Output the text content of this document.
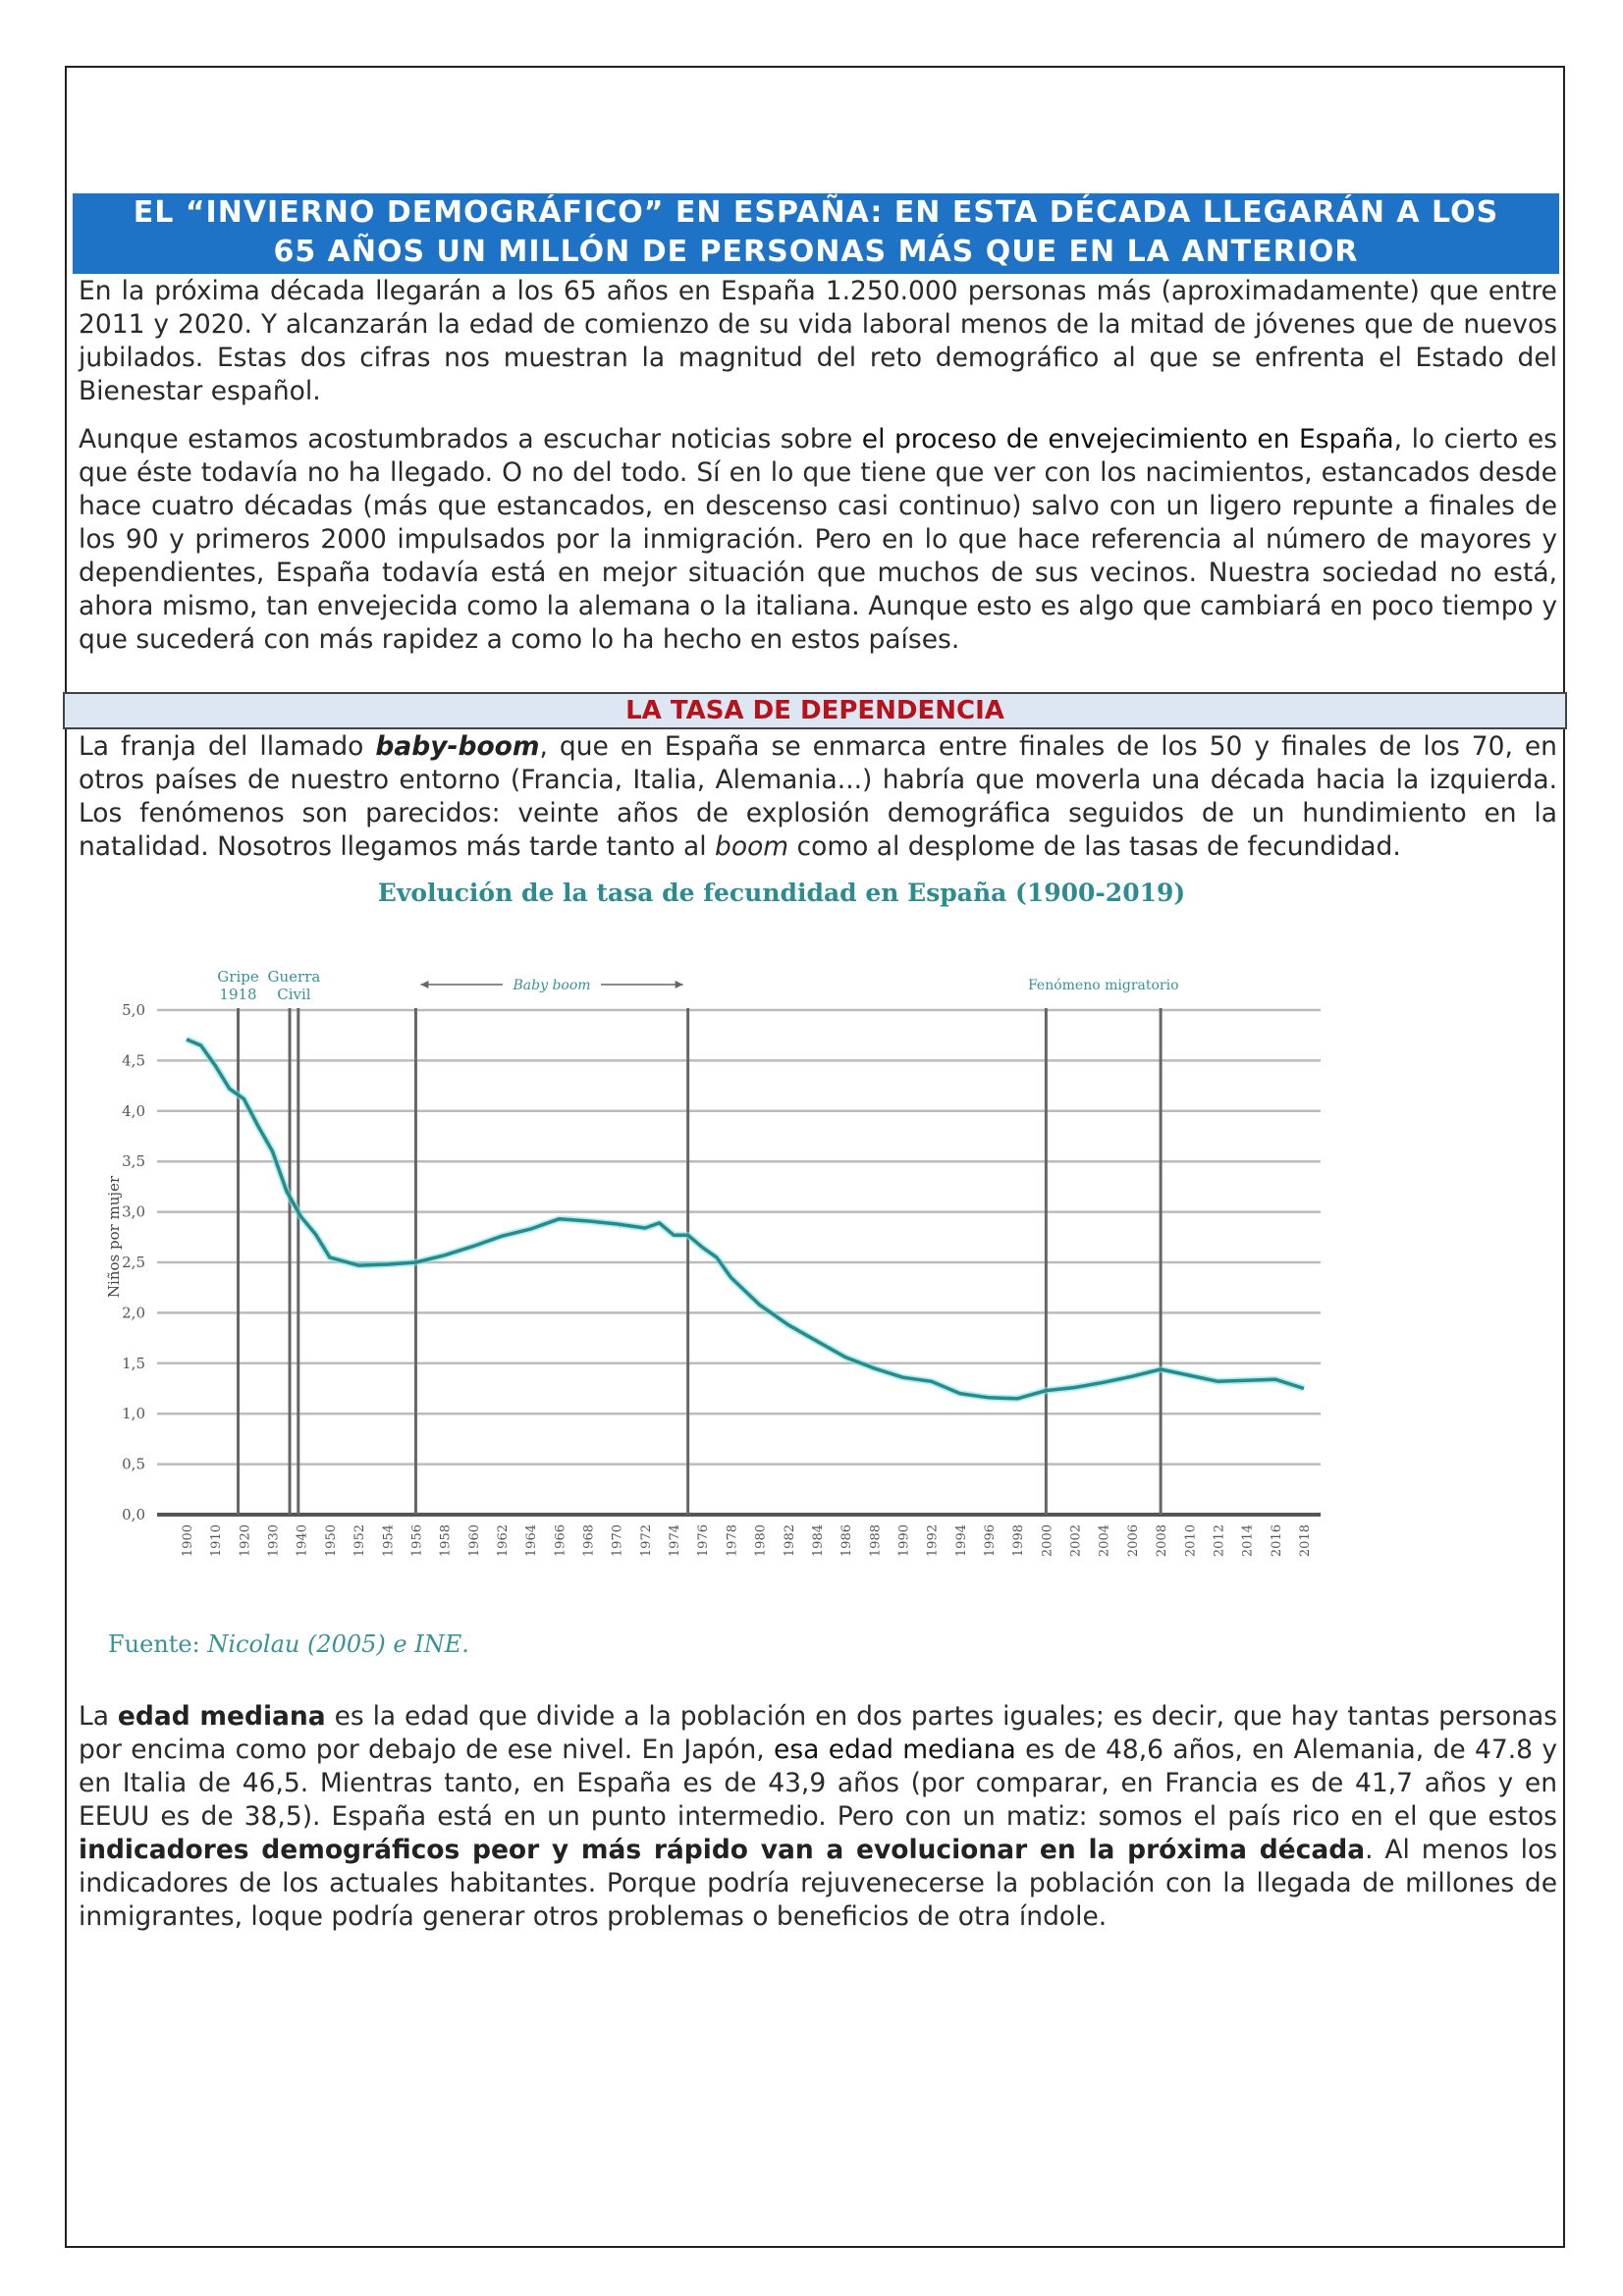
EL “INVIERNO DEMOGRÁFICO” EN ESPAÑA: EN ESTA DÉCADA LLEGARÁN A LOS
65 AÑOS UN MILLÓN DE PERSONAS MÁS QUE EN LA ANTERIOR

En la próxima década llegarán a los 65 años en España 1.250.000 personas más (aproximadamente) que entre 2011 y 2020. Y alcanzarán la edad de comienzo de su vida laboral menos de la mitad de jóvenes que de nuevos jubilados. Estas dos cifras nos muestran la magnitud del reto demográfico al que se enfrenta el Estado del Bienestar español.

Aunque estamos acostumbrados a escuchar noticias sobre el proceso de envejecimiento en España, lo cierto es que éste todavía no ha llegado. O no del todo. Sí en lo que tiene que ver con los nacimientos, estancados desde hace cuatro décadas (más que estancados, en descenso casi continuo) salvo con un ligero repunte a finales de los 90 y primeros 2000 impulsados por la inmigración. Pero en lo que hace referencia al número de mayores y dependientes, España todavía está en mejor situación que muchos de sus vecinos. Nuestra sociedad no está, ahora mismo, tan envejecida como la alemana o la italiana. Aunque esto es algo que cambiará en poco tiempo y que sucederá con más rapidez a como lo ha hecho en estos países.

LA TASA DE DEPENDENCIA

La franja del llamado baby-boom, que en España se enmarca entre finales de los 50 y finales de los 70, en otros países de nuestro entorno (Francia, Italia, Alemania...) habría que moverla una década hacia la izquierda. Los fenómenos son parecidos: veinte años de explosión demográfica seguidos de un hundimiento en la natalidad. Nosotros llegamos más tarde tanto al boom como al desplome de las tasas de fecundidad.

Evolución de la tasa de fecundidad en España (1900-2019)
0,0
0,5
1,0
1,5
2,0
2,5
3,0
3,5
4,0
4,5
5,0
1900 1910 1920 1930 1940 1950 1952 1954 1956 1958 1960 1962 1964 1966 1968 1970 1972 1974 1976 1978 1980 1982 1984 1986 1988 1990 1992 1994 1996 1998 2000 2002 2004 2006 2008 2010 2012 2014 2016 2018
Gripe
1918
Guerra
Civil	Baby boom	Fenómeno migratorio
Niños por mujer
Fuente: Nicolau (2005) e INE.

La edad mediana es la edad que divide a la población en dos partes iguales; es decir, que hay tantas personas por encima como por debajo de ese nivel. En Japón, esa edad mediana es de 48,6 años, en Alemania, de 47.8 y en Italia de 46,5. Mientras tanto, en España es de 43,9 años (por comparar, en Francia es de 41,7 años y en EEUU es de 38,5). España está en un punto intermedio. Pero con un matiz: somos el país rico en el que estos indicadores demográficos peor y más rápido van a evolucionar en la próxima década. Al menos los indicadores de los actuales habitantes. Porque podría rejuvenecerse la población con la llegada de millones de inmigrantes, loque podría generar otros problemas o beneficios de otra índole.
